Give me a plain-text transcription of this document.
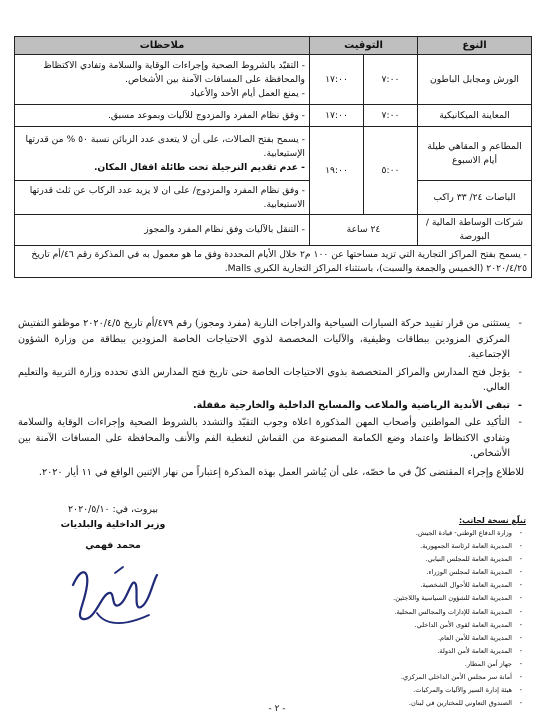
النوع	التوقيت		ملاحظات
الورش ومجابل الباطون	٧:٠٠	١٧:٠٠	- التقيّد بالشروط الصحية وإجراءات الوقاية والسلامة وتفادي الاكتظاظ والمحافظة على المسافات الآمنة بين الأشخاص.
- يمنع العمل أيام الأحد والأعياد

المعاينة الميكانيكية	٧:٠٠	١٧:٠٠	- وفق نظام المفرد والمزدوج للآليات وبموعد مسبق.

المطاعم و المقاهي طيلة أيام الاسبوع	٥:٠٠	١٩:٠٠	- يسمح بفتح الصالات، على أن لا يتعدى عدد الزبائن نسبة ٥٠ % من قدرتها الإستيعابية.
- عدم تقديم النرجيلة تحت طائلة اقفال المكان.

الباصات ٢٤/ ٣٣ راكب			- وفق نظام المفرد والمزدوج/ على ان لا يزيد عدد الركاب عن ثلث قدرتها الاستيعابية.

شركات الوساطة المالية /البورصة	٢٤ ساعة		- التنقل بالآليات وفق نظام المفرد والمجوز

- يسمح بفتح المراكز التجارية التي تزيد مساحتها عن ١٠٠ م٢ خلال الأيام المحددة وفق ما هو معمول به في المذكرة رقم ٤٦/أم تاريخ ٢٠٢٠/٤/٢٥ (الخميس والجمعة والسبت)، باستثناء المراكز التجارية الكبرى Malls.			
- يستثنى من قرار تقييد حركة السيارات السياحية والدراجات النارية (مفرد ومجوز) رقم ٤٧٩/أم تاريخ ٢٠٢٠/٤/٥ موظفو التفتيش المركزي المزودين ببطاقات وظيفية، والآليات المخصصة لذوي الاحتياجات الخاصة المزودين ببطاقة من وزارة الشؤون الإجتماعية.
- يؤجل فتح المدارس والمراكز المتخصصة بذوي الاحتياجات الخاصة حتى تاريخ فتح المدارس الذي تحدده وزارة التربية والتعليم العالي.
- تبقى الأندية الرياضية والملاعب والمسابح الداخلية والخارجية مقفلة.
- التأكيد على المواطنين وأصحاب المهن المذكورة اعلاه وجوب التقيّد والتشدد بالشروط الصحية وإجراءات الوقاية والسلامة وتفادي الاكتظاظ واعتماد وضع الكمامة المصنوعة من القماش لتغطية الفم والأنف والمحافظة على المسافات الآمنة بين الأشخاص.
للاطلاع وإجراء المقتضى كلٌ في ما خصّه، على أن يُباشر العمل بهذه المذكرة إعتباراً من نهار الإثنين الواقع في ١١ أيار ٢٠٢٠.
بيروت، في: ٢٠٢٠/٥/١٠
وزير الداخلية والبلديات
محمد فهمي
تبلّغ نسخة لجانب:
- وزارة الدفاع الوطني- قيادة الجيش.
- المديرية العامة لرئاسة الجمهورية.
- المديرية العامة للمجلس النيابي.
- المديرية العامة لمجلس الوزراء.
- المديرية العامة للأحوال الشخصية.
- المديرية العامة للشؤون السياسية واللاجئين.
- المديرية العامة للإدارات والمجالس المحلية.
- المديرية العامة لقوى الأمن الداخلي.
- المديرية العامة للأمن العام.
- المديرية العامة لأمن الدولة.
- جهاز أمن المطار.
- أمانة سر مجلس الأمن الداخلي المركزي.
- هيئة إدارة السير والآليات والمركبات.
- الصندوق التعاوني للمختارين في لبنان.
- ٢ -
